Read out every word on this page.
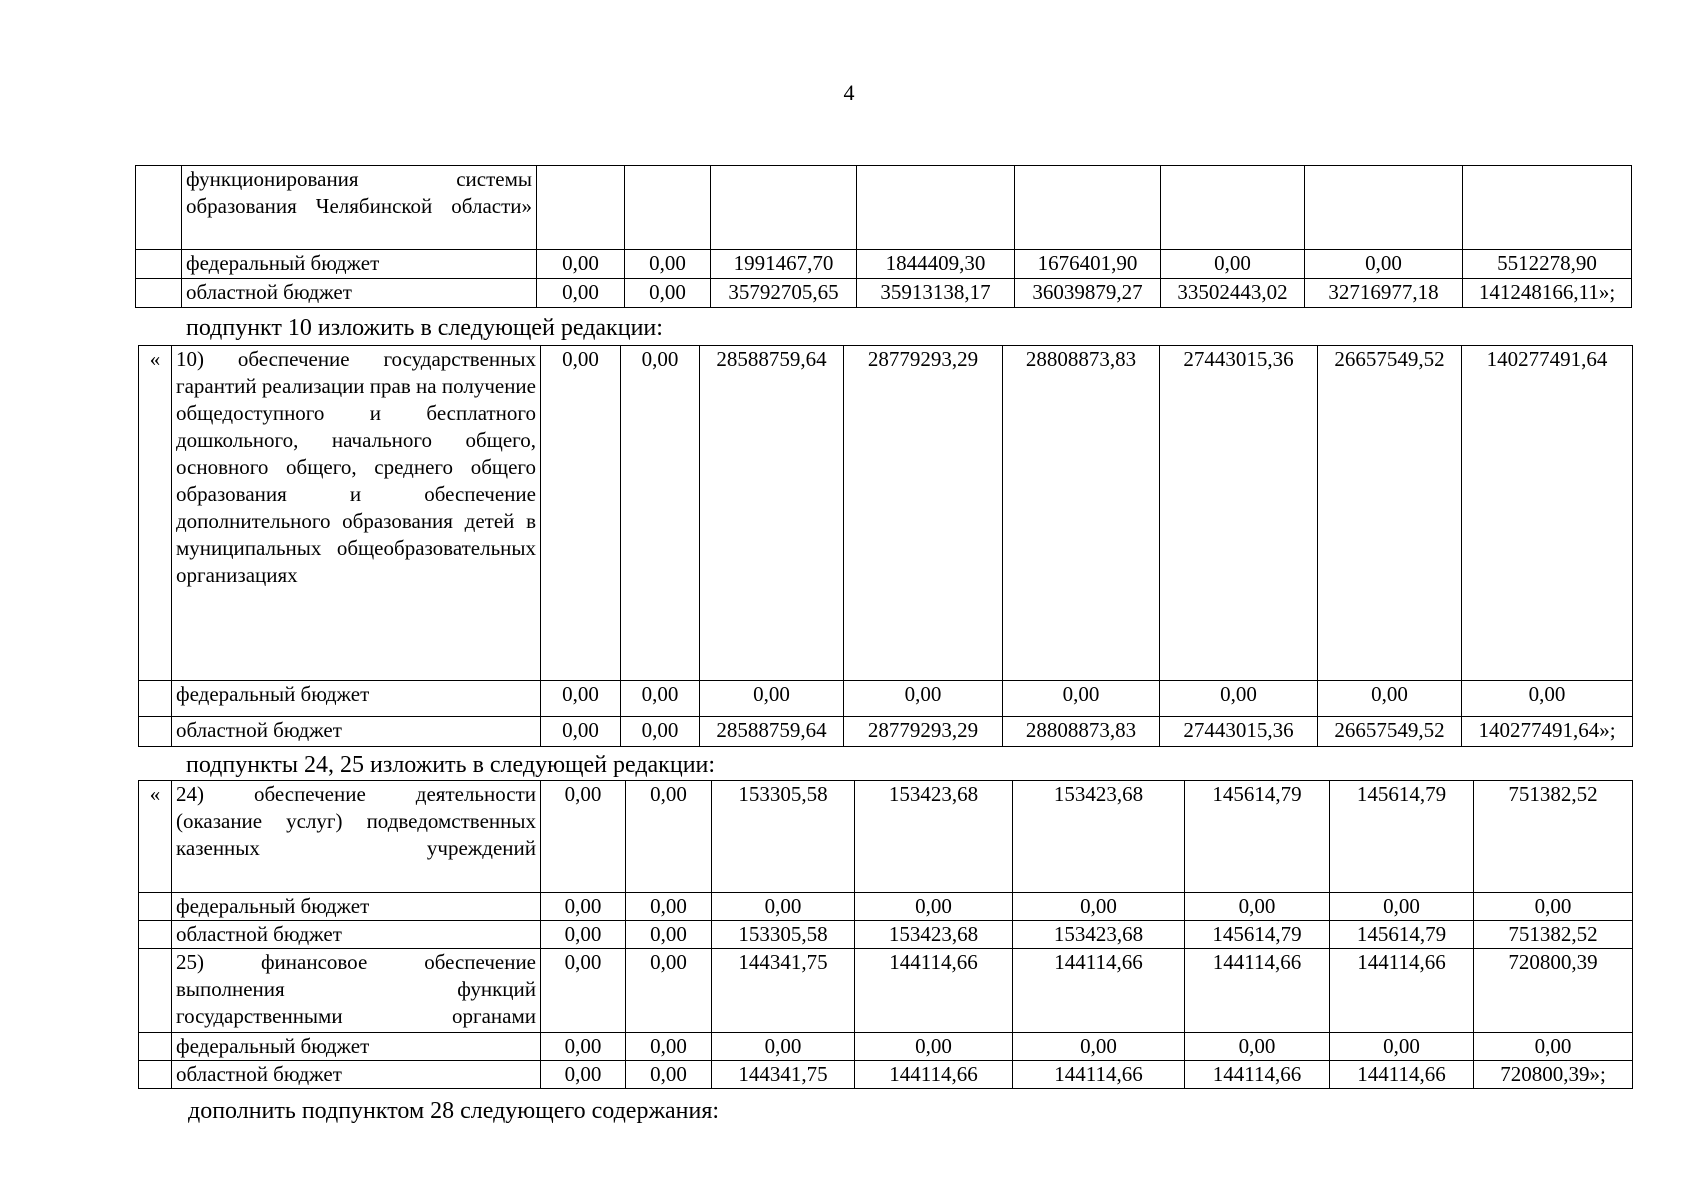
4
	функционирования системы образования Челябинской области»								
	федеральный бюджет	0,00	0,00	1991467,70	1844409,30	1676401,90	0,00	0,00	5512278,90
	областной бюджет	0,00	0,00	35792705,65	35913138,17	36039879,27	33502443,02	32716977,18	141248166,11»;
подпункт 10 изложить в следующей редакции:
«	10) обеспечение государственных гарантий реализации прав на получение общедоступного и бесплатного дошкольного, начального общего, основного общего, среднего общего образования и обеспечение дополнительного образования детей в муниципальных общеобразовательных организациях	0,00	0,00	28588759,64	28779293,29	28808873,83	27443015,36	26657549,52	140277491,64
	федеральный бюджет	0,00	0,00	0,00	0,00	0,00	0,00	0,00	0,00
	областной бюджет	0,00	0,00	28588759,64	28779293,29	28808873,83	27443015,36	26657549,52	140277491,64»;
подпункты 24, 25 изложить в следующей редакции:
«	24) обеспечение деятельности (оказание услуг) подведомственных казенных учреждений	0,00	0,00	153305,58	153423,68	153423,68	145614,79	145614,79	751382,52
	федеральный бюджет	0,00	0,00	0,00	0,00	0,00	0,00	0,00	0,00
	областной бюджет	0,00	0,00	153305,58	153423,68	153423,68	145614,79	145614,79	751382,52
	25) финансовое обеспечение выполнения функций государственными органами	0,00	0,00	144341,75	144114,66	144114,66	144114,66	144114,66	720800,39
	федеральный бюджет	0,00	0,00	0,00	0,00	0,00	0,00	0,00	0,00
	областной бюджет	0,00	0,00	144341,75	144114,66	144114,66	144114,66	144114,66	720800,39»;
дополнить подпунктом 28 следующего содержания:
